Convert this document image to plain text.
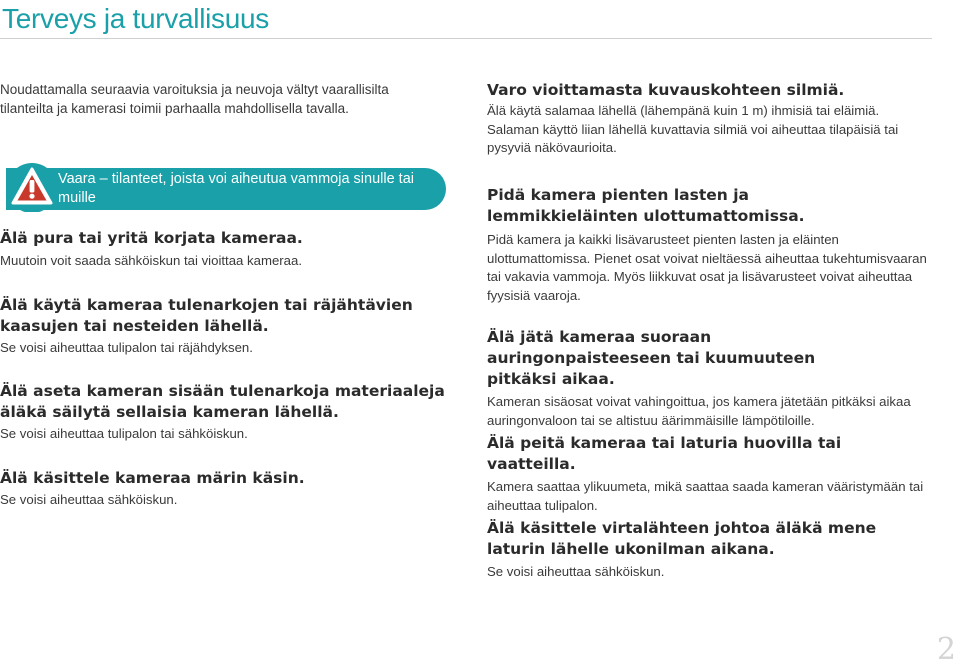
Terveys ja turvallisuus
Noudattamalla seuraavia varoituksia ja neuvoja vältyt vaarallisilta tilanteilta ja kamerasi toimii parhaalla mahdollisella tavalla.
Vaara – tilanteet, joista voi aiheutua vammoja sinulle tai muille
Älä pura tai yritä korjata kameraa.
Muutoin voit saada sähköiskun tai vioittaa kameraa.
Älä käytä kameraa tulenarkojen tai räjähtävien kaasujen tai nesteiden lähellä.
Se voisi aiheuttaa tulipalon tai räjähdyksen.
Älä aseta kameran sisään tulenarkoja materiaaleja äläkä säilytä sellaisia kameran lähellä.
Se voisi aiheuttaa tulipalon tai sähköiskun.
Älä käsittele kameraa märin käsin.
Se voisi aiheuttaa sähköiskun.
Varo vioittamasta kuvauskohteen silmiä.
Älä käytä salamaa lähellä (lähempänä kuin 1 m) ihmisiä tai eläimiä. Salaman käyttö liian lähellä kuvattavia silmiä voi aiheuttaa tilapäisiä tai pysyviä näkövaurioita.
Pidä kamera pienten lasten ja lemmikkieläinten ulottumattomissa.
Pidä kamera ja kaikki lisävarusteet pienten lasten ja eläinten ulottumattomissa. Pienet osat voivat nieltäessä aiheuttaa tukehtumisvaaran tai vakavia vammoja. Myös liikkuvat osat ja lisävarusteet voivat aiheuttaa fyysisiä vaaroja.
Älä jätä kameraa suoraan auringonpaisteeseen tai kuumuuteen pitkäksi aikaa.
Kameran sisäosat voivat vahingoittua, jos kamera jätetään pitkäksi aikaa auringonvaloon tai se altistuu äärimmäisille lämpötiloille.
Älä peitä kameraa tai laturia huovilla tai vaatteilla.
Kamera saattaa ylikuumeta, mikä saattaa saada kameran vääristymään tai aiheuttaa tulipalon.
Älä käsittele virtalähteen johtoa äläkä mene laturin lähelle ukonilman aikana.
Se voisi aiheuttaa sähköiskun.
2
